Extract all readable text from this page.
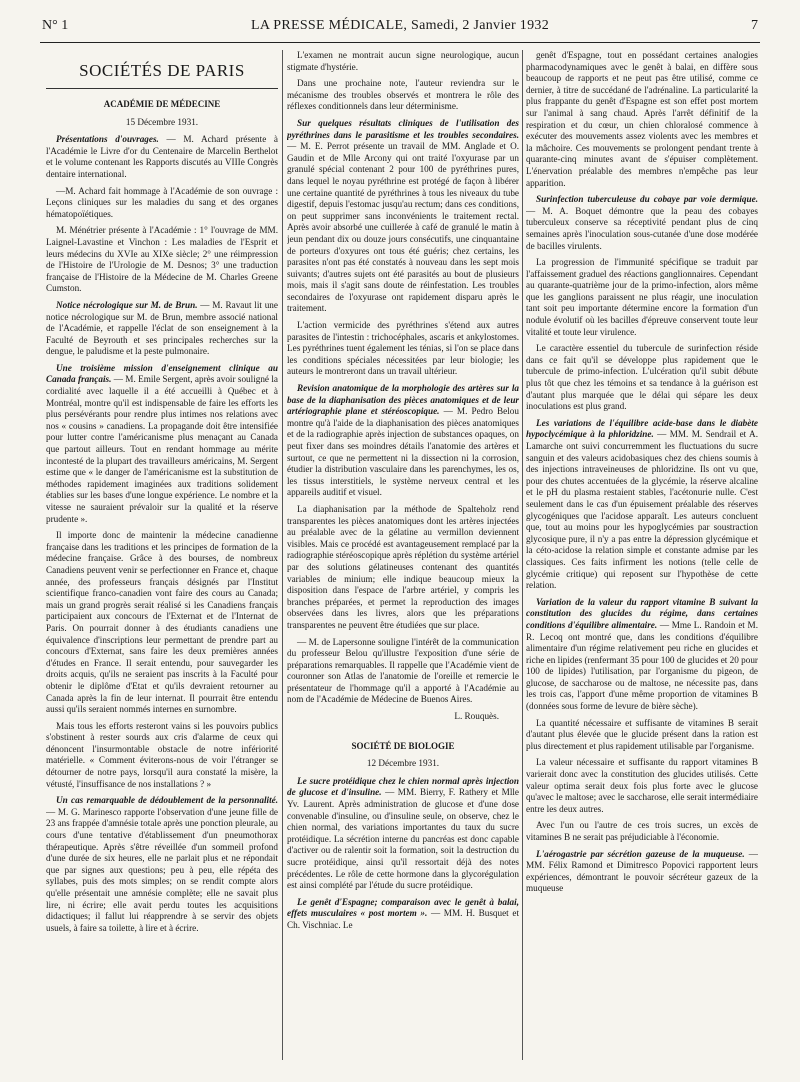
N° 1	LA PRESSE MÉDICALE, Samedi, 2 Janvier 1932	7
SOCIÉTÉS DE PARIS
ACADÉMIE DE MÉDECINE
15 Décembre 1931.

Présentations d'ouvrages. — M. Achard présente à l'Académie le Livre d'or du Centenaire de Marcelin Berthelot et le volume contenant les Rapports discutés au VIIIe Congrès dentaire international.

—M. Achard fait hommage à l'Académie de son ouvrage : Leçons cliniques sur les maladies du sang et des organes hématopoïétiques.

M. Ménétrier présente à l'Académie : 1° l'ouvrage de MM. Laignel-Lavastine et Vinchon : Les maladies de l'Esprit et leurs médecins du XVIe au XIXe siècle; 2° une réimpression de l'Histoire de l'Urologie de M. Desnos; 3° une traduction française de l'Histoire de la Médecine de M. Charles Greene Cumston.

Notice nécrologique sur M. de Brun. — M. Ravaut lit une notice nécrologique sur M. de Brun, membre associé national de l'Académie, et rappelle l'éclat de son enseignement à la Faculté de Beyrouth et ses principales recherches sur la dengue, le paludisme et la peste pulmonaire.

Une troisième mission d'enseignement clinique au Canada français. — M. Emile Sergent, après avoir souligné la cordialité avec laquelle il a été accueilli à Québec et à Montréal, montre qu'il est indispensable de faire les efforts les plus persévérants pour rendre plus intimes nos relations avec nos « cousins » canadiens. La propagande doit être intensifiée pour lutter contre l'américanisme plus menaçant au Canada que partout ailleurs. Tout en rendant hommage au mérite incontesté de la plupart des travailleurs américains, M. Sergent estime que « le danger de l'américanisme est la substitution de méthodes rapidement imaginées aux traditions solidement établies sur les bases d'une longue expérience. Le nombre et la vitesse ne sauraient prévaloir sur la qualité et la réserve prudente ».

Il importe donc de maintenir la médecine canadienne française dans les traditions et les principes de formation de la médecine française. Grâce à des bourses, de nombreux Canadiens peuvent venir se perfectionner en France et, chaque année, des professeurs français désignés par l'Institut scientifique franco-canadien vont faire des cours au Canada; mais un grand progrès serait réalisé si les Canadiens français participaient aux concours de l'Externat et de l'Internat de Paris. On pourrait donner à des étudiants canadiens une équivalence d'inscriptions leur permettant de prendre part au concours d'Externat, sans faire les deux premières années d'études en France. Il serait entendu, pour sauvegarder les droits acquis, qu'ils ne seraient pas inscrits à la Faculté pour obtenir le diplôme d'Etat et qu'ils devraient retourner au Canada après la fin de leur internat. Il pourrait être entendu aussi qu'ils seraient nommés internes en surnombre.

Mais tous les efforts resteront vains si les pouvoirs publics s'obstinent à rester sourds aux cris d'alarme de ceux qui dénoncent l'insurmontable obstacle de notre infériorité matérielle. « Comment éviterons-nous de voir l'étranger se détourner de notre pays, lorsqu'il aura constaté la misère, la vétusté, l'insuffisance de nos installations ? »

Un cas remarquable de dédoublement de la personnalité. — M. G. Marinesco rapporte l'observation d'une jeune fille de 23 ans frappée d'amnésie totale après une ponction pleurale, au cours d'une tentative d'établissement d'un pneumothorax thérapeutique. Après s'être réveillée d'un sommeil profond d'une durée de six heures, elle ne parlait plus et ne répondait que par signes aux questions; peu à peu, elle répéta des syllabes, puis des mots simples; on se rendit compte alors qu'elle présentait une amnésie complète; elle ne savait plus lire, ni écrire; elle avait perdu toutes les acquisitions didactiques; il fallut lui réapprendre à se servir des objets usuels, à faire sa toilette, à lire et à écrire.

L'examen ne montrait aucun signe neurologique, aucun stigmate d'hystérie.

Dans une prochaine note, l'auteur reviendra sur le mécanisme des troubles observés et montrera le rôle des réflexes conditionnels dans leur déterminisme.

Sur quelques résultats cliniques de l'utilisation des pyréthrines dans le parasitisme et les troubles secondaires. — M. E. Perrot présente un travail de MM. Anglade et O. Gaudin et de Mlle Arcony qui ont traité l'oxyurase par un granulé spécial contenant 2 pour 100 de pyréthrines pures, dans lequel le noyau pyréthrine est protégé de façon à libérer une certaine quantité de pyréthrines à tous les niveaux du tube digestif, depuis l'estomac jusqu'au rectum; dans ces conditions, on peut supprimer sans inconvénients le traitement rectal. Après avoir absorbé une cuillerée à café de granulé le matin à jeun pendant dix ou douze jours consécutifs, une cinquantaine de porteurs d'oxyures ont tous été guéris; chez certains, les parasites n'ont pas été constatés à nouveau dans les sept mois suivants; d'autres sujets ont été parasités au bout de plusieurs mois, mais il s'agit sans doute de réinfestation. Les troubles secondaires de l'oxyurase ont rapidement disparu après le traitement.

L'action vermicide des pyréthrines s'étend aux autres parasites de l'intestin : trichocéphales, ascaris et ankylostomes. Les pyréthrines tuent également les ténias, si l'on se place dans les conditions spéciales nécessitées par leur biologie; les auteurs le montreront dans un travail ultérieur.

Revision anatomique de la morphologie des artères sur la base de la diaphanisation des pièces anatomiques et de leur artériographie plane et stéréoscopique. — M. Pedro Belou montre qu'à l'aide de la diaphanisation des pièces anatomiques et de la radiographie après injection de substances opaques, on peut fixer dans ses moindres détails l'anatomie des artères et surtout, ce que ne permettent ni la dissection ni la corrosion, étudier la distribution vasculaire dans les parenchymes, les os, les tissus interstitiels, le système nerveux central et les appareils auditif et visuel.

La diaphanisation par la méthode de Spalteholz rend transparentes les pièces anatomiques dont les artères injectées au préalable avec de la gélatine au vermillon deviennent visibles. Mais ce procédé est avantageusement remplacé par la radiographie stéréoscopique après réplétion du système artériel par des solutions gélatineuses contenant des quantités variables de minium; elle indique beaucoup mieux la disposition dans l'espace de l'arbre artériel, y compris les branches préparées, et permet la reproduction des images observées dans les livres, alors que les préparations transparentes ne peuvent être étudiées que sur place.

— M. de Lapersonne souligne l'intérêt de la communication du professeur Belou qu'illustre l'exposition d'une série de préparations remarquables. Il rappelle que l'Académie vient de couronner son Atlas de l'anatomie de l'oreille et remercie le présentateur de l'hommage qu'il a apporté à l'Académie au nom de l'Académie de Médecine de Buenos Aires.

L. Rouquès.
SOCIÉTÉ DE BIOLOGIE
12 Décembre 1931.

Le sucre protéidique chez le chien normal après injection de glucose et d'insuline. — MM. Bierry, F. Rathery et Mlle Yv. Laurent. Après administration de glucose et d'une dose convenable d'insuline, ou d'insuline seule, on observe, chez le chien normal, des variations importantes du taux du sucre protéidique. La sécrétion interne du pancréas est donc capable d'activer ou de ralentir soit la formation, soit la destruction du sucre protéidique, ainsi qu'il ressortait déjà des notes précédentes. Le rôle de cette hormone dans la glycorégulation est ainsi complété par l'étude du sucre protéidique.

Le genêt d'Espagne; comparaison avec le genêt à balai, effets musculaires « post mortem ». — MM. H. Busquet et Ch. Vischniac. Le

genêt d'Espagne, tout en possédant certaines analogies pharmacodynamiques avec le genêt à balai, en diffère sous beaucoup de rapports et ne peut pas être utilisé, comme ce dernier, à titre de succédané de l'adrénaline. La particularité la plus frappante du genêt d'Espagne est son effet post mortem sur l'animal à sang chaud. Après l'arrêt définitif de la respiration et du cœur, un chien chloralosé commence à exécuter des mouvements assez violents avec les membres et la mâchoire. Ces mouvements se prolongent pendant trente à quarante-cinq minutes avant de s'épuiser complètement. L'énervation préalable des membres n'empêche pas leur apparition.

Surinfection tuberculeuse du cobaye par voie dermique. — M. A. Boquet démontre que la peau des cobayes tuberculeux conserve sa réceptivité pendant plus de cinq semaines après l'inoculation sous-cutanée d'une dose modérée de bacilles virulents.

La progression de l'immunité spécifique se traduit par l'affaissement graduel des réactions ganglionnaires. Cependant au quarante-quatrième jour de la primo-infection, alors même que les ganglions paraissent ne plus réagir, une inoculation tant soit peu importante détermine encore la formation d'un nodule évolutif où les bacilles d'épreuve conservent toute leur vitalité et toute leur virulence.

Le caractère essentiel du tubercule de surinfection réside dans ce fait qu'il se développe plus rapidement que le tubercule de primo-infection. L'ulcération qu'il subit débute plus tôt que chez les témoins et sa tendance à la guérison est d'autant plus marquée que le délai qui sépare les deux inoculations est plus grand.

Les variations de l'équilibre acide-base dans le diabète hypoclycémique à la phloridzine. — MM. M. Sendrail et A. Lamarche ont suivi concurremment les fluctuations du sucre sanguin et des valeurs acidobasiques chez des chiens soumis à des injections intraveineuses de phloridzine. Ils ont vu que, pour des chutes accentuées de la glycémie, la réserve alcaline et le pH du plasma restaient stables, l'acétonurie nulle. C'est seulement dans le cas d'un épuisement préalable des réserves glycogéniques que l'acidose apparaît. Les auteurs concluent que, tout au moins pour les hypoglycémies par soustraction glycosique pure, il n'y a pas entre la dépression glycémique et la céto-acidose la relation simple et constante admise par les classiques. Ces faits infirment les notions (telle celle de glycémie critique) qui reposent sur l'hypothèse de cette relation.

Variation de la valeur du rapport vitamine B suivant la constitution des glucides du régime, dans certaines conditions d'équilibre alimentaire. — Mme L. Randoin et M. R. Lecoq ont montré que, dans les conditions d'équilibre alimentaire d'un régime relativement peu riche en glucides et riche en lipides (renfermant 35 pour 100 de glucides et 20 pour 100 de lipides) l'utilisation, par l'organisme du pigeon, de glucose, de saccharose ou de maltose, ne nécessite pas, dans les trois cas, l'apport d'une même proportion de vitamines B (données sous forme de levure de bière sèche).

La quantité nécessaire et suffisante de vitamines B serait d'autant plus élevée que le glucide présent dans la ration est plus directement et plus rapidement utilisable par l'organisme.

La valeur nécessaire et suffisante du rapport vitamines B varierait donc avec la constitution des glucides utilisés. Cette valeur optima serait deux fois plus forte avec le glucose qu'avec le maltose; avec le saccharose, elle serait intermédiaire entre les deux autres.

Avec l'un ou l'autre de ces trois sucres, un excès de vitamines B ne serait pas préjudiciable à l'économie.

L'aérogastrie par sécrétion gazeuse de la muqueuse. — MM. Félix Ramond et Dimitresco Popovici rapportent leurs expériences, démontrant le pouvoir sécréteur gazeux de la muqueuse
